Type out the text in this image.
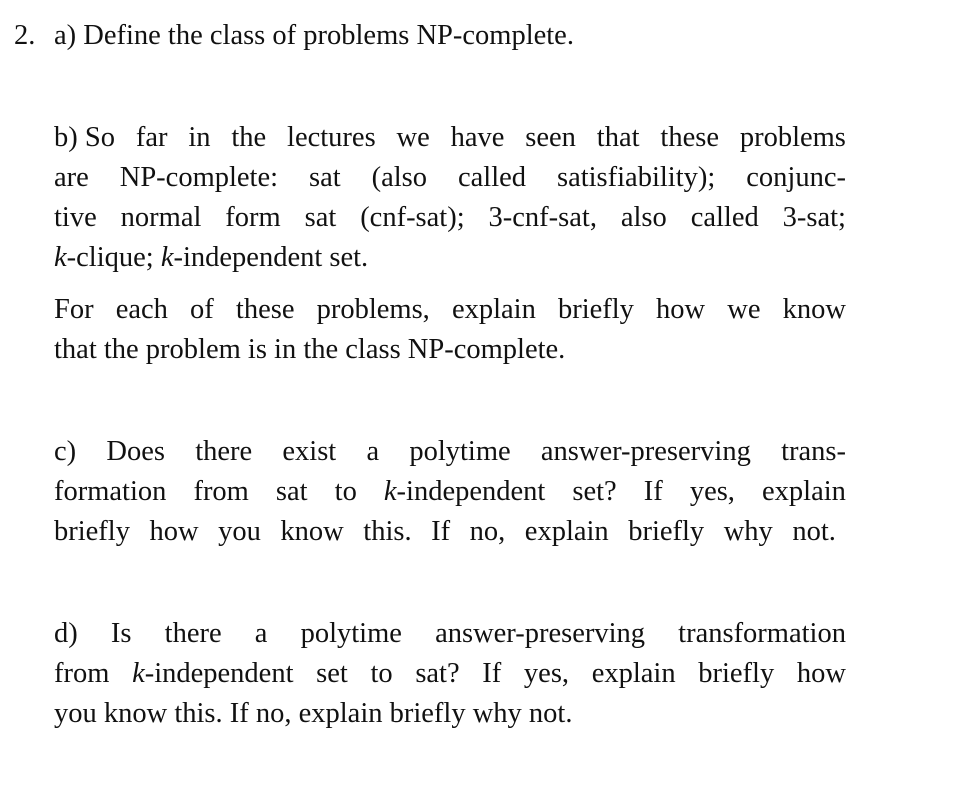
2. a) Define the class of problems NP-complete.
b) So far in the lectures we have seen that these problems
are NP-complete: sat (also called satisfiability); conjunc-
tive normal form sat (cnf-sat); 3-cnf-sat, also called 3-sat;
k-clique; k-independent set.
For each of these problems, explain briefly how we know
that the problem is in the class NP-complete.
c) Does there exist a polytime answer-preserving trans-
formation from sat to k-independent set? If yes, explain
briefly how you know this. If no, explain briefly why not.
d) Is there a polytime answer-preserving transformation
from k-independent set to sat? If yes, explain briefly how
you know this. If no, explain briefly why not.
